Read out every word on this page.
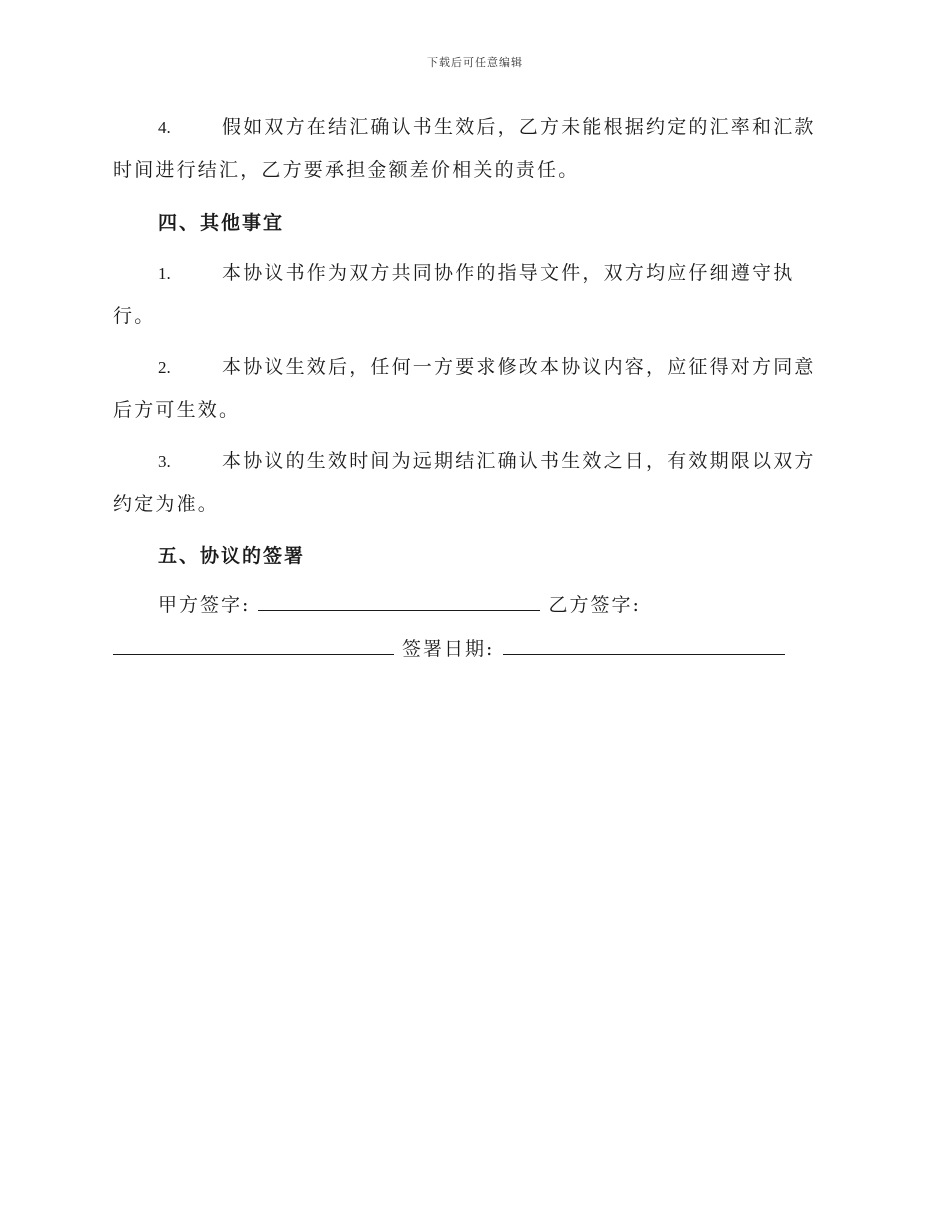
下载后可任意编辑
4.	假如双方在结汇确认书生效后，乙方未能根据约定的汇率和汇款时间进行结汇，乙方要承担金额差价相关的责任。
四、其他事宜
1.	本协议书作为双方共同协作的指导文件，双方均应仔细遵守执行。
2.	本协议生效后，任何一方要求修改本协议内容，应征得对方同意后方可生效。
3.	本协议的生效时间为远期结汇确认书生效之日，有效期限以双方约定为准。
五、协议的签署
甲方签字:	乙方签字:
签署日期:
